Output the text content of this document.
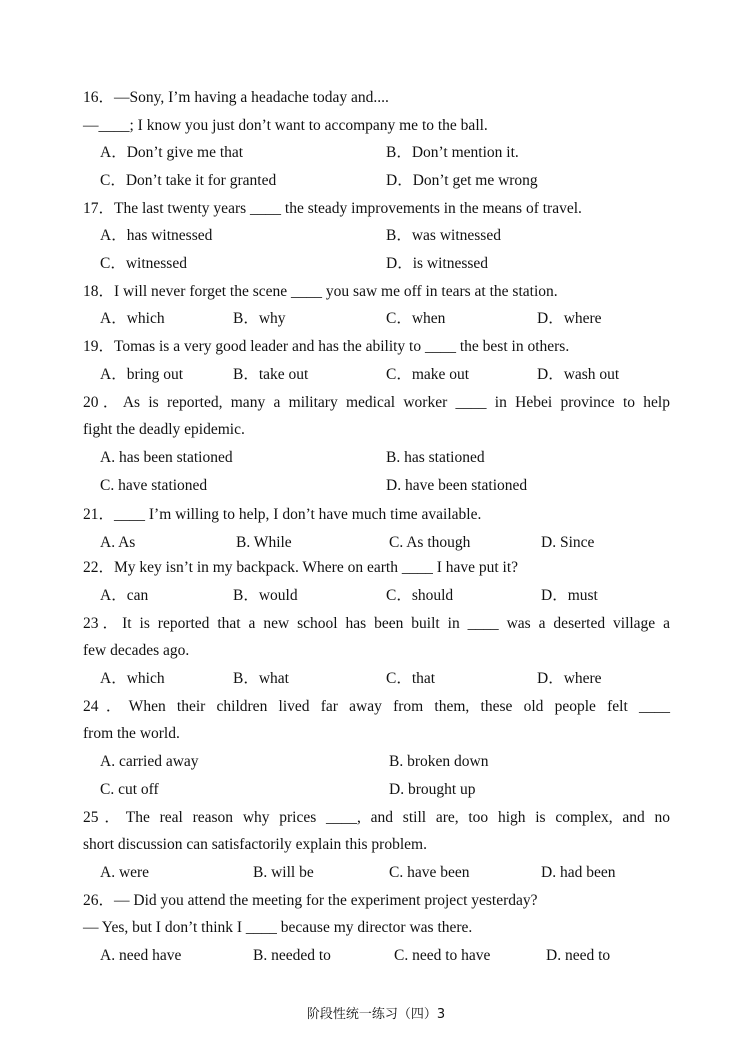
16．—Sony, I’m having a headache today and....
—____; I know you just don’t want to accompany me to the ball.
A．Don’t give me that	B．Don’t mention it.
C．Don’t take it for granted	D．Don’t get me wrong
17．The last twenty years ____ the steady improvements in the means of travel.
A．has witnessed	B．was witnessed
C．witnessed	D．is witnessed
18．I will never forget the scene ____ you saw me off in tears at the station.
A．which	B．why	C．when	D．where
19．Tomas is a very good leader and has the ability to ____ the best in others.
A．bring out	B．take out	C．make out	D．wash out
20．As is reported, many a military medical worker ____ in Hebei province to help
fight the deadly epidemic.
A. has been stationed	B. has stationed
C. have stationed	D. have been stationed
21．____ I’m willing to help, I don’t have much time available.
A. As	B. While	C. As though	D. Since
22．My key isn’t in my backpack. Where on earth ____ I have put it?
A．can	B．would	C．should	D．must
23．It is reported that a new school has been built in ____ was a deserted village a
few decades ago.
A．which	B．what	C．that	D．where
24．When their children lived far away from them, these old people felt ____
from the world.
A. carried away	B. broken down
C. cut off	D. brought up
25．The real reason why prices ____, and still are, too high is complex, and no
short discussion can satisfactorily explain this problem.
A. were	B. will be	C. have been	D. had been
26．— Did you attend the meeting for the experiment project yesterday?
— Yes, but I don’t think I ____ because my director was there.
A. need have	B. needed to	C. need to have	D. need to
阶段性统一练习（四）3
